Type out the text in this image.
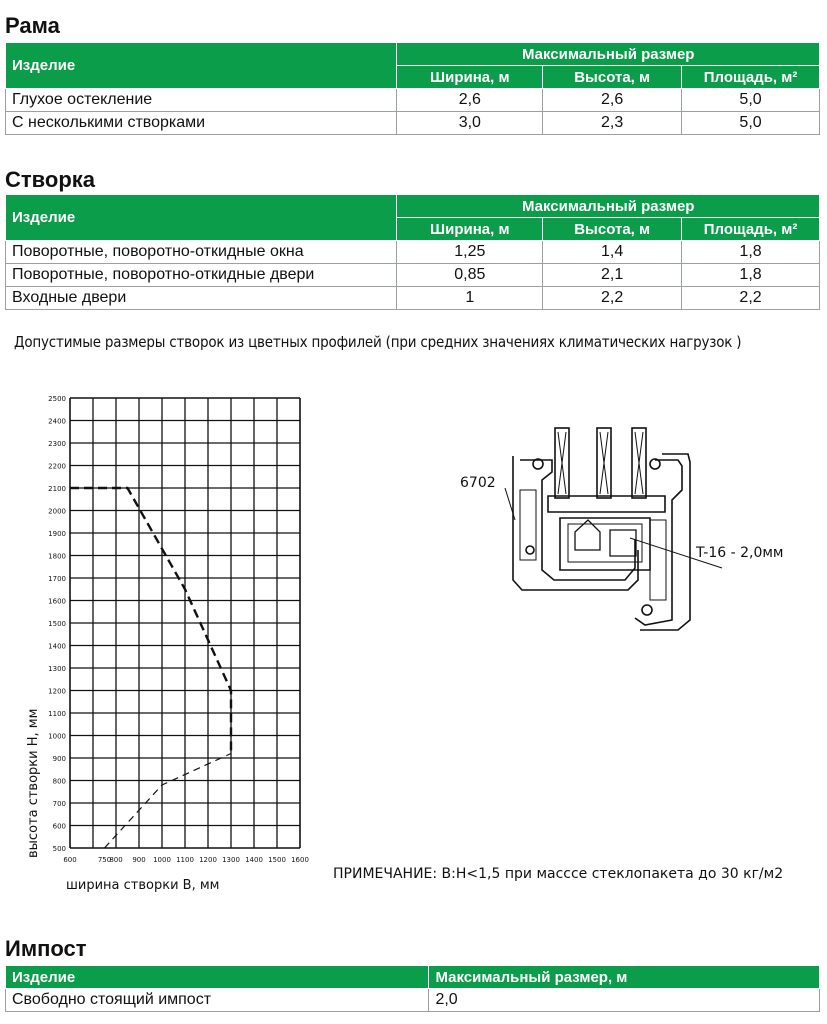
Рама
Изделие	Максимальный размер		
	Ширина, м	Высота, м	Площадь, м²
Глухое остекление	2,6	2,6	5,0
С несколькими створками	3,0	2,3	5,0
Створка
Изделие	Максимальный размер		
	Ширина, м	Высота, м	Площадь, м²
Поворотные, поворотно-откидные окна	1,25	1,4	1,8
Поворотные, поворотно-откидные двери	0,85	2,1	1,8
Входные двери	1	2,2	2,2
Допустимые размеры створок из цветных профилей (при средних значениях климатических нагрузок )
высота створки H, мм
ширина створки B, мм
500
600
700
800
900
1000
1100
1200
1300
1400
1500
1600
1700
1800
1900
2000
2100
2200
2300
2400
2500
600	750
800 900 1000 1100 1200 1300 1400 1500 1600
6702
T-16 - 2,0мм
ПРИМЕЧАНИЕ: B:H<1,5 при масссе стеклопакета до 30 кг/м2
Импост
Изделие	Максимальный размер, м
Свободно стоящий импост	2,0
